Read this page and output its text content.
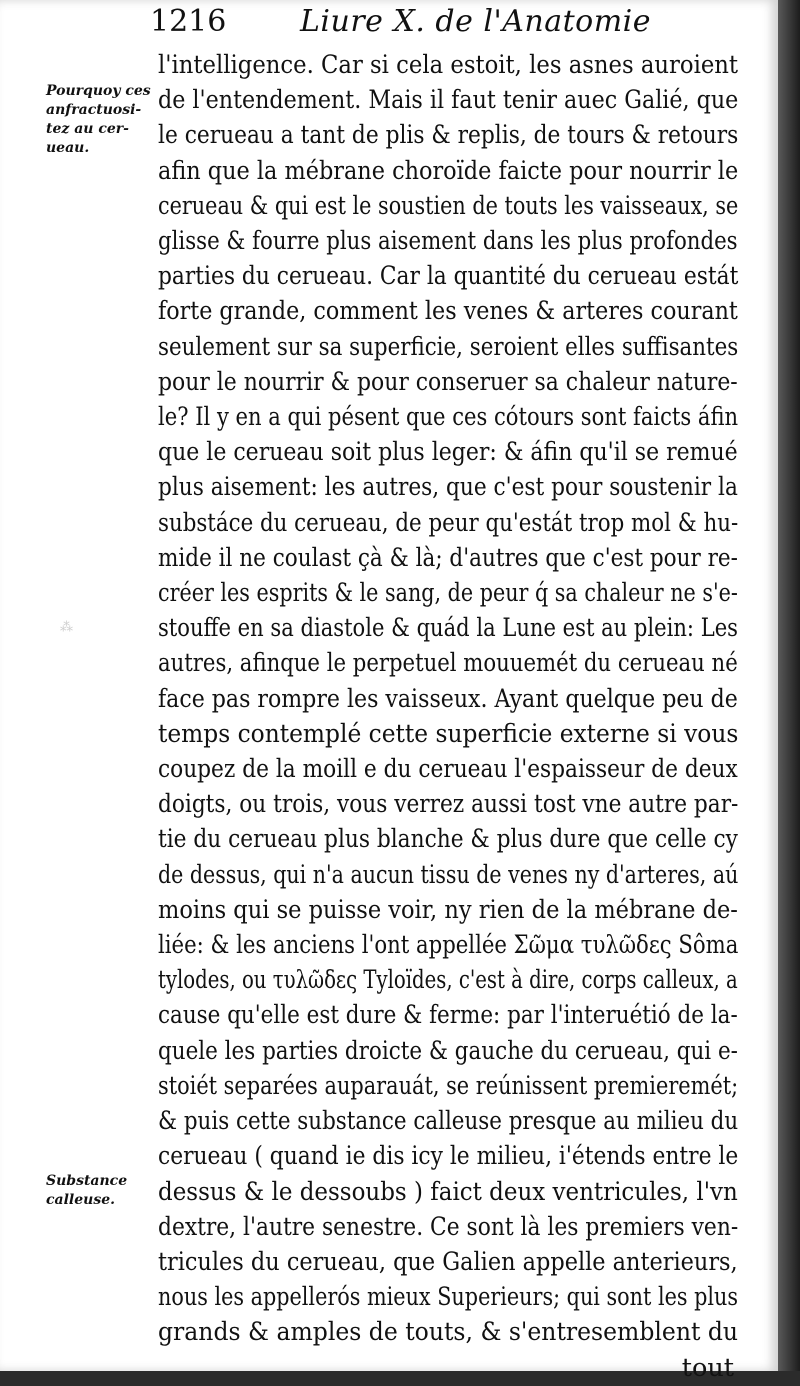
1216	Liure X. de l'Anatomie
Pourquoy ces
anfractuosi-
tez au cer-
ueau.
Substance
calleuse.
⁂
l'intelligence. Car si cela estoit, les asnes auroient
de l'entendement. Mais il faut tenir auec Galié, que
le cerueau a tant de plis & replis, de tours & retours
afin que la mébrane choroïde faicte pour nourrir le
cerueau & qui est le soustien de touts les vaisseaux, se
glisse & fourre plus aisement dans les plus profondes
parties du cerueau. Car la quantité du cerueau estát
forte grande, comment les venes & arteres courant
seulement sur sa superficie, seroient elles suffisantes
pour le nourrir & pour conseruer sa chaleur nature-
le? Il y en a qui pésent que ces cótours sont faicts áfin
que le cerueau soit plus leger: & áfin qu'il se remué
plus aisement: les autres, que c'est pour soustenir la
substáce du cerueau, de peur qu'estát trop mol & hu-
mide il ne coulast çà & là; d'autres que c'est pour re-
créer les esprits & le sang, de peur q́ sa chaleur ne s'e-
stouffe en sa diastole & quád la Lune est au plein: Les
autres, afinque le perpetuel mouuemét du cerueau né
face pas rompre les vaisseux. Ayant quelque peu de
temps contemplé cette superficie externe si vous
coupez de la moill e du cerueau l'espaisseur de deux
doigts, ou trois, vous verrez aussi tost vne autre par-
tie du cerueau plus blanche & plus dure que celle cy
de dessus, qui n'a aucun tissu de venes ny d'arteres, aú
moins qui se puisse voir, ny rien de la mébrane de-
liée: & les anciens l'ont appellée Σῶμα τυλῶδες Sôma
tylodes, ou τυλῶδες Tyloïdes, c'est à dire, corps calleux, a
cause qu'elle est dure & ferme: par l'interuétió de la-
quele les parties droicte & gauche du cerueau, qui e-
stoiét separées auparauát, se reúnissent premieremét;
& puis cette substance calleuse presque au milieu du
cerueau ( quand ie dis icy le milieu, i'étends entre le
dessus & le dessoubs ) faict deux ventricules, l'vn
dextre, l'autre senestre. Ce sont là les premiers ven-
tricules du cerueau, que Galien appelle anterieurs,
nous les appellerós mieux Superieurs; qui sont les plus
grands & amples de touts, & s'entresemblent du
tout
